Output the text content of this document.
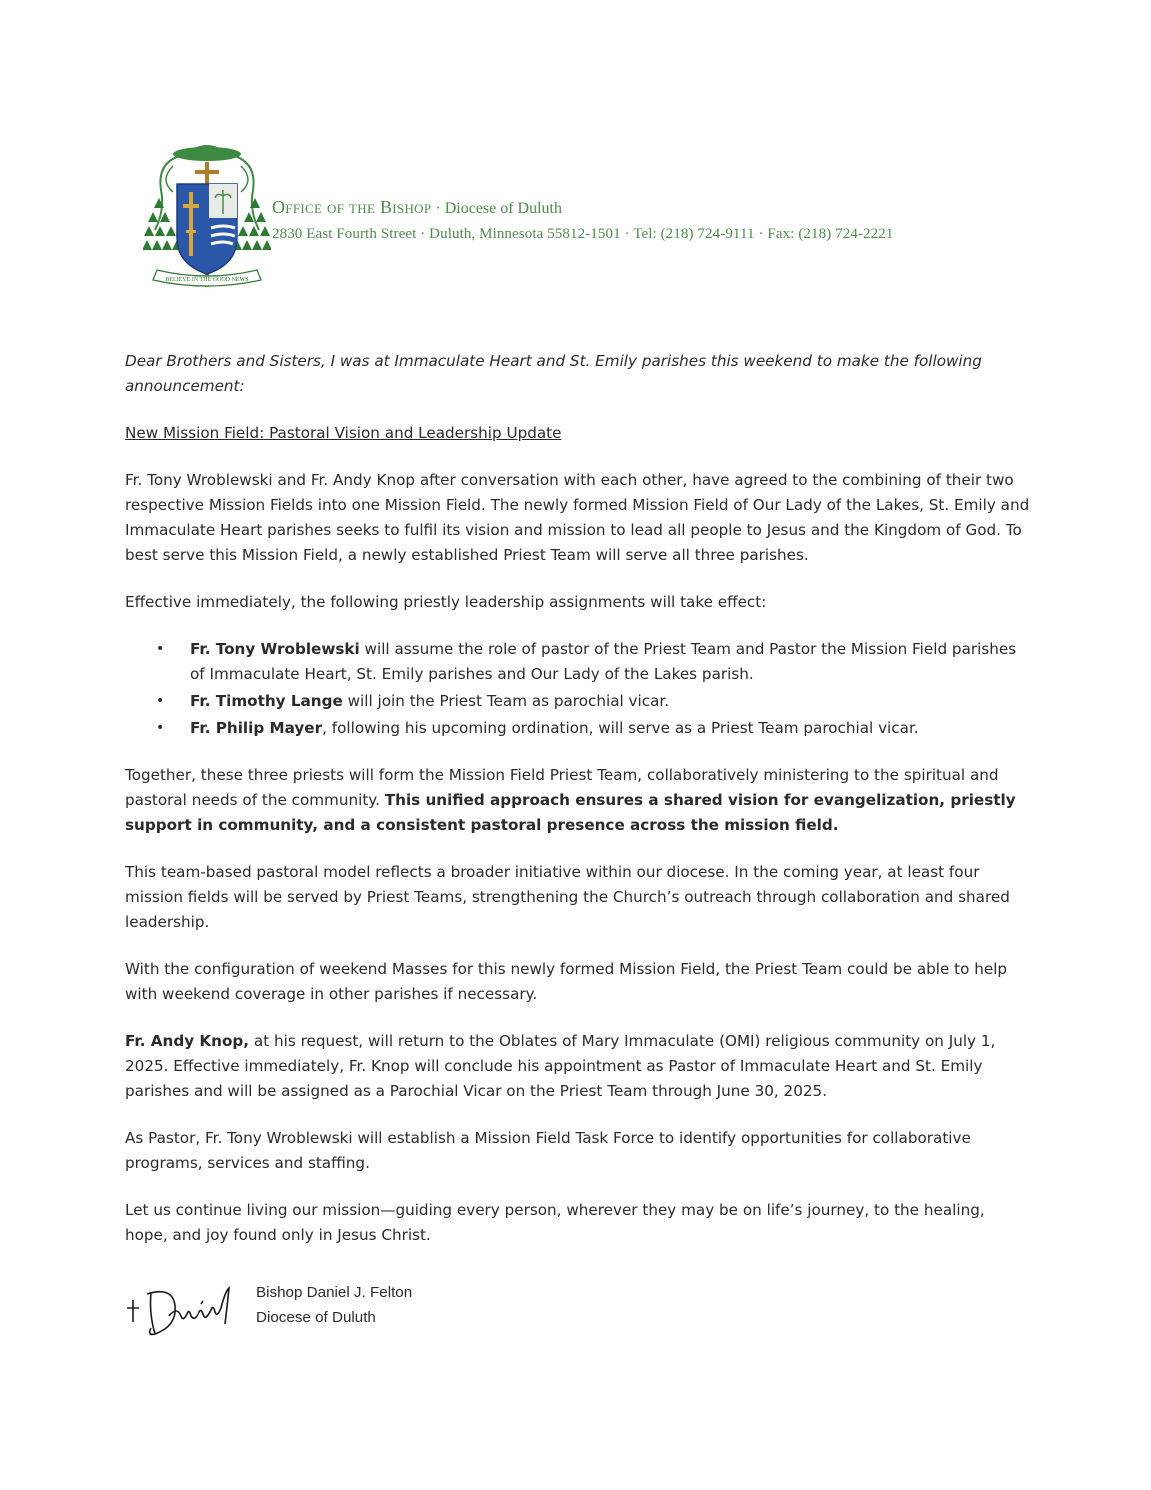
BELIEVE IN THE GOOD NEWS
Office of the Bishop · Diocese of Duluth
2830 East Fourth Street · Duluth, Minnesota 55812-1501 · Tel: (218) 724-9111 · Fax: (218) 724-2221

Dear Brothers and Sisters, I was at Immaculate Heart and St. Emily parishes this weekend to make the following announcement:

New Mission Field: Pastoral Vision and Leadership Update

Fr. Tony Wroblewski and Fr. Andy Knop after conversation with each other, have agreed to the combining of their two respective Mission Fields into one Mission Field. The newly formed Mission Field of Our Lady of the Lakes, St. Emily and Immaculate Heart parishes seeks to fulfil its vision and mission to lead all people to Jesus and the Kingdom of God. To best serve this Mission Field, a newly established Priest Team will serve all three parishes.

Effective immediately, the following priestly leadership assignments will take effect:

• Fr. Tony Wroblewski will assume the role of pastor of the Priest Team and Pastor the Mission Field parishes of Immaculate Heart, St. Emily parishes and Our Lady of the Lakes parish.
• Fr. Timothy Lange will join the Priest Team as parochial vicar.
• Fr. Philip Mayer, following his upcoming ordination, will serve as a Priest Team parochial vicar.

Together, these three priests will form the Mission Field Priest Team, collaboratively ministering to the spiritual and pastoral needs of the community. This unified approach ensures a shared vision for evangelization, priestly support in community, and a consistent pastoral presence across the mission field.

This team-based pastoral model reflects a broader initiative within our diocese. In the coming year, at least four mission fields will be served by Priest Teams, strengthening the Church’s outreach through collaboration and shared leadership.

With the configuration of weekend Masses for this newly formed Mission Field, the Priest Team could be able to help with weekend coverage in other parishes if necessary.

Fr. Andy Knop, at his request, will return to the Oblates of Mary Immaculate (OMI) religious community on July 1, 2025. Effective immediately, Fr. Knop will conclude his appointment as Pastor of Immaculate Heart and St. Emily parishes and will be assigned as a Parochial Vicar on the Priest Team through June 30, 2025.

As Pastor, Fr. Tony Wroblewski will establish a Mission Field Task Force to identify opportunities for collaborative programs, services and staffing.

Let us continue living our mission—guiding every person, wherever they may be on life’s journey, to the healing, hope, and joy found only in Jesus Christ.

Bishop Daniel J. Felton
Diocese of Duluth
